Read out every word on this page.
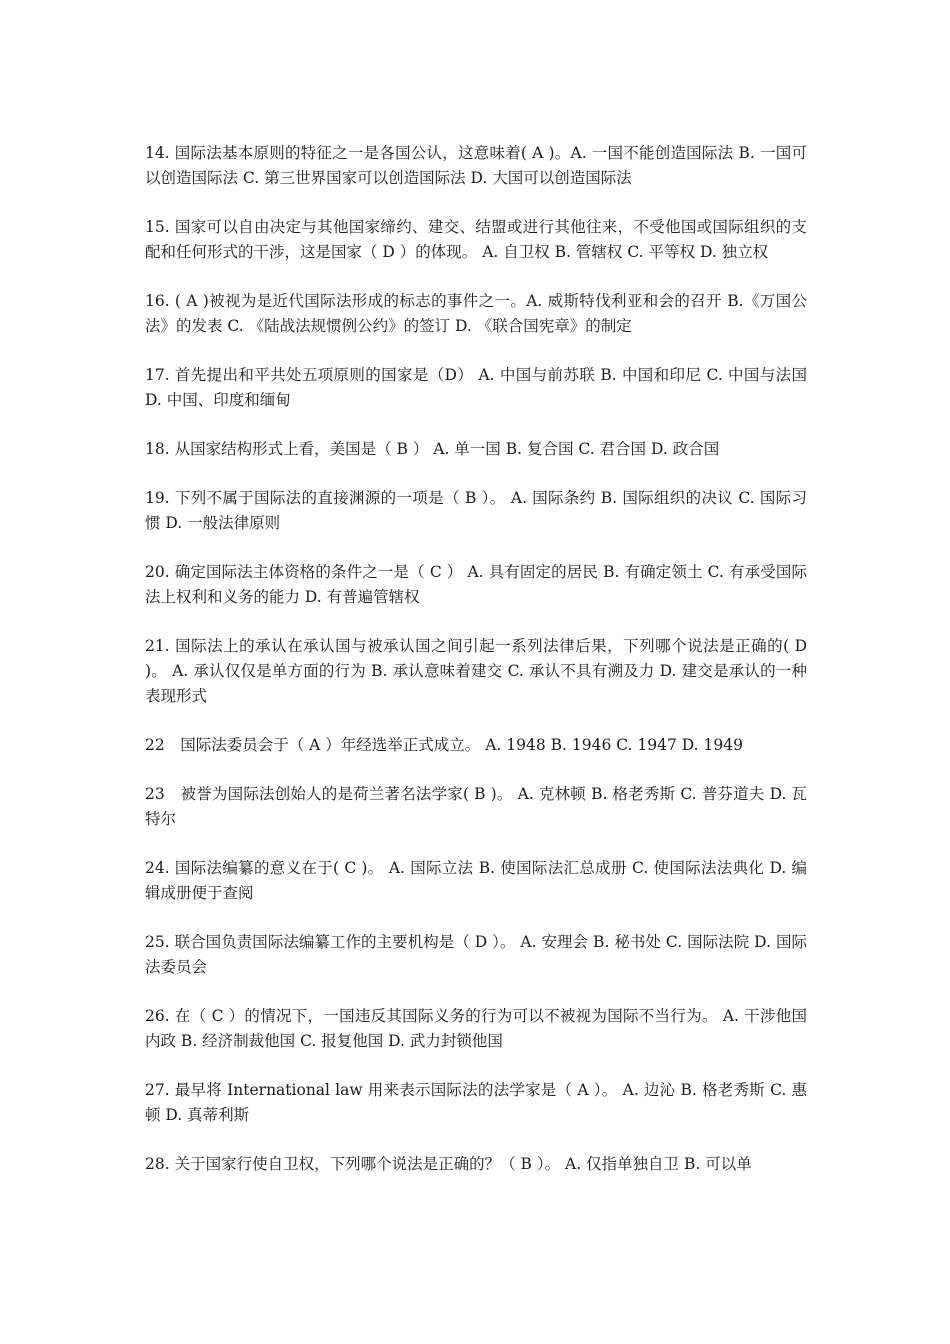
14. 国际法基本原则的特征之一是各国公认，这意味着( A )。A. 一国不能创造国际法 B. 一国可以创造国际法 C. 第三世界国家可以创造国际法 D. 大国可以创造国际法

15. 国家可以自由决定与其他国家缔约、建交、结盟或进行其他往来，不受他国或国际组织的支配和任何形式的干涉，这是国家（ D ）的体现。 A. 自卫权 B. 管辖权 C. 平等权 D. 独立权

16. ( A )被视为是近代国际法形成的标志的事件之一。A. 威斯特伐利亚和会的召开 B.《万国公法》的发表 C. 《陆战法规惯例公约》的签订 D. 《联合国宪章》的制定

17. 首先提出和平共处五项原则的国家是（D） A. 中国与前苏联 B. 中国和印尼 C. 中国与法国 D. 中国、印度和缅甸

18. 从国家结构形式上看，美国是（ B ） A. 单一国 B. 复合国 C. 君合国 D. 政合国

19. 下列不属于国际法的直接渊源的一项是（ B ）。 A. 国际条约 B. 国际组织的决议 C. 国际习惯 D. 一般法律原则

20. 确定国际法主体资格的条件之一是（ C ） A. 具有固定的居民 B. 有确定领土 C. 有承受国际法上权利和义务的能力 D. 有普遍管辖权

21. 国际法上的承认在承认国与被承认国之间引起一系列法律后果，下列哪个说法是正确的( D )。 A. 承认仅仅是单方面的行为 B. 承认意味着建交 C. 承认不具有溯及力 D. 建交是承认的一种表现形式

22　国际法委员会于（ A ）年经选举正式成立。 A. 1948 B. 1946 C. 1947 D. 1949

23　被誉为国际法创始人的是荷兰著名法学家( B )。 A. 克林顿 B. 格老秀斯 C. 普芬道夫 D. 瓦特尔

24. 国际法编纂的意义在于( C )。 A. 国际立法 B. 使国际法汇总成册 C. 使国际法法典化 D. 编辑成册便于查阅

25. 联合国负责国际法编纂工作的主要机构是（ D ）。 A. 安理会 B. 秘书处 C. 国际法院 D. 国际法委员会

26. 在（ C ）的情况下，一国违反其国际义务的行为可以不被视为国际不当行为。 A. 干涉他国内政 B. 经济制裁他国 C. 报复他国 D. 武力封锁他国

27. 最早将 International law 用来表示国际法的法学家是（ A ）。 A. 边沁 B. 格老秀斯 C. 惠顿 D. 真蒂利斯

28. 关于国家行使自卫权，下列哪个说法是正确的？（ B ）。 A. 仅指单独自卫 B. 可以单
